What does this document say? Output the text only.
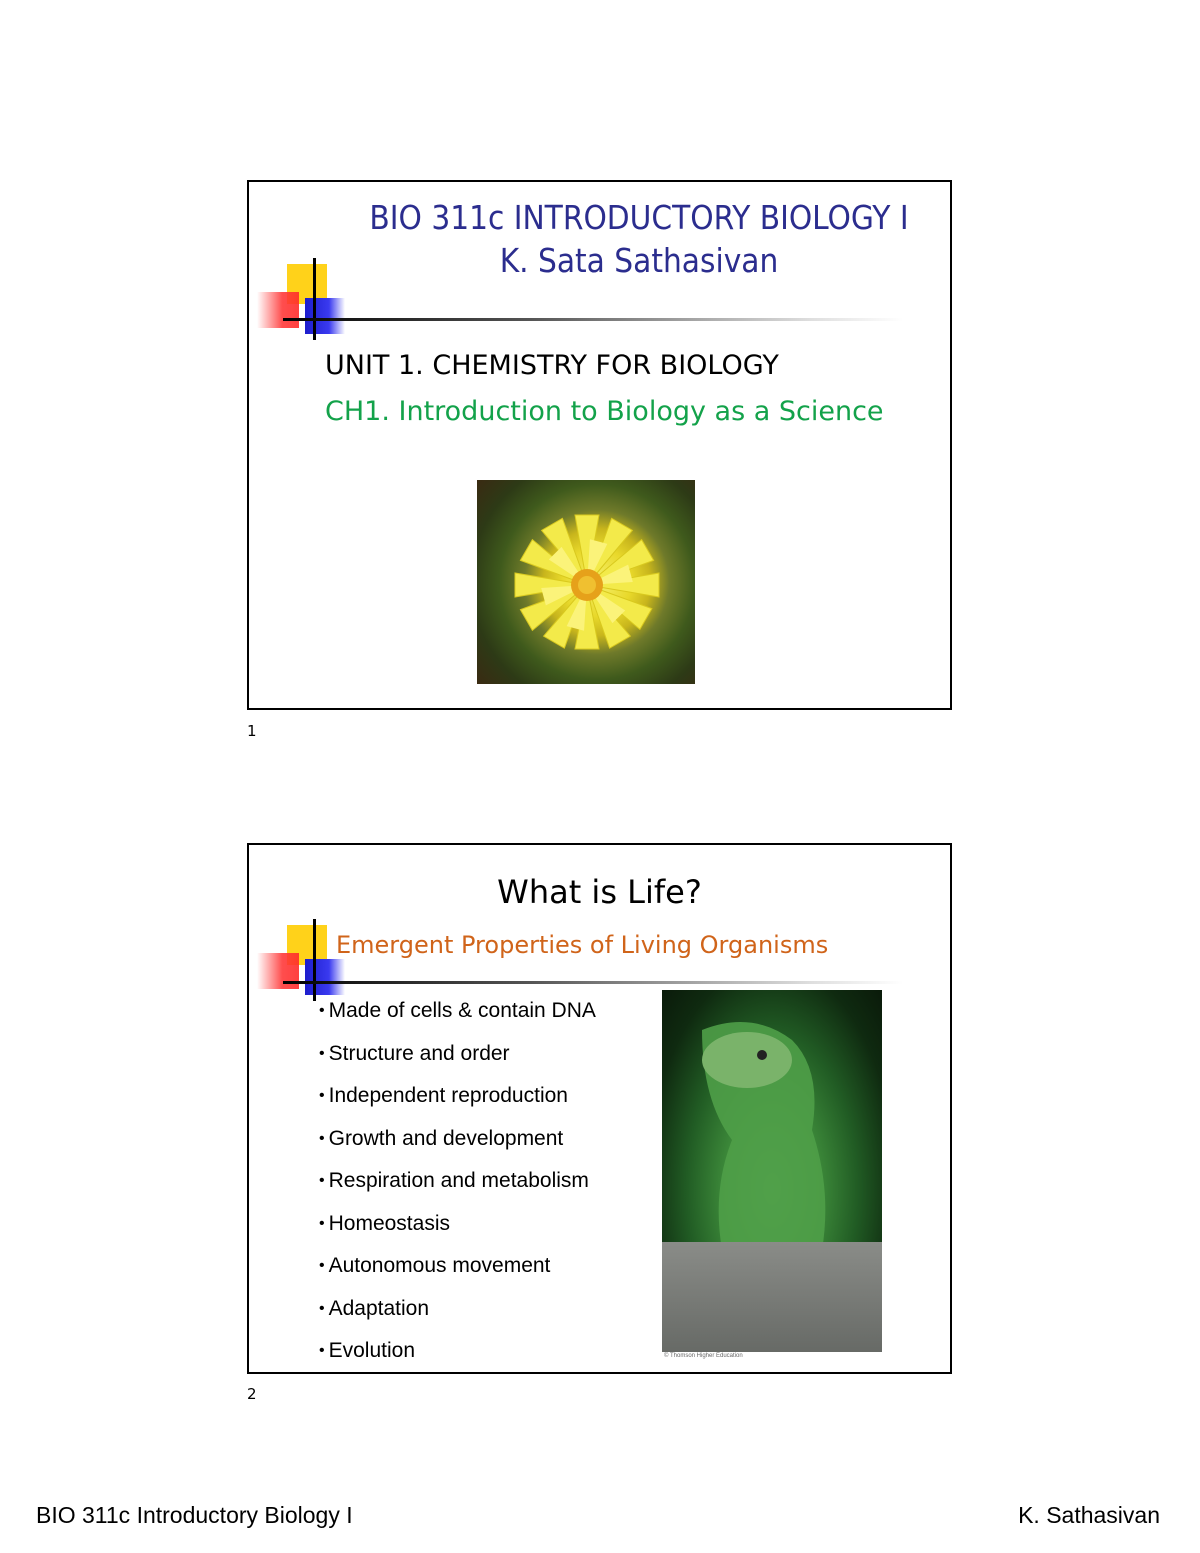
BIO 311c INTRODUCTORY BIOLOGY I
K. Sata Sathasivan
UNIT 1. CHEMISTRY FOR BIOLOGY
CH1. Introduction to Biology as a Science
1
What is Life?
Emergent Properties of Living Organisms
• Made of cells & contain DNA
• Structure and order
• Independent reproduction
• Growth and development
• Respiration and metabolism
• Homeostasis
• Autonomous movement
• Adaptation
• Evolution	© Thomson Higher Education
2
BIO 311c Introductory Biology I	K. Sathasivan
